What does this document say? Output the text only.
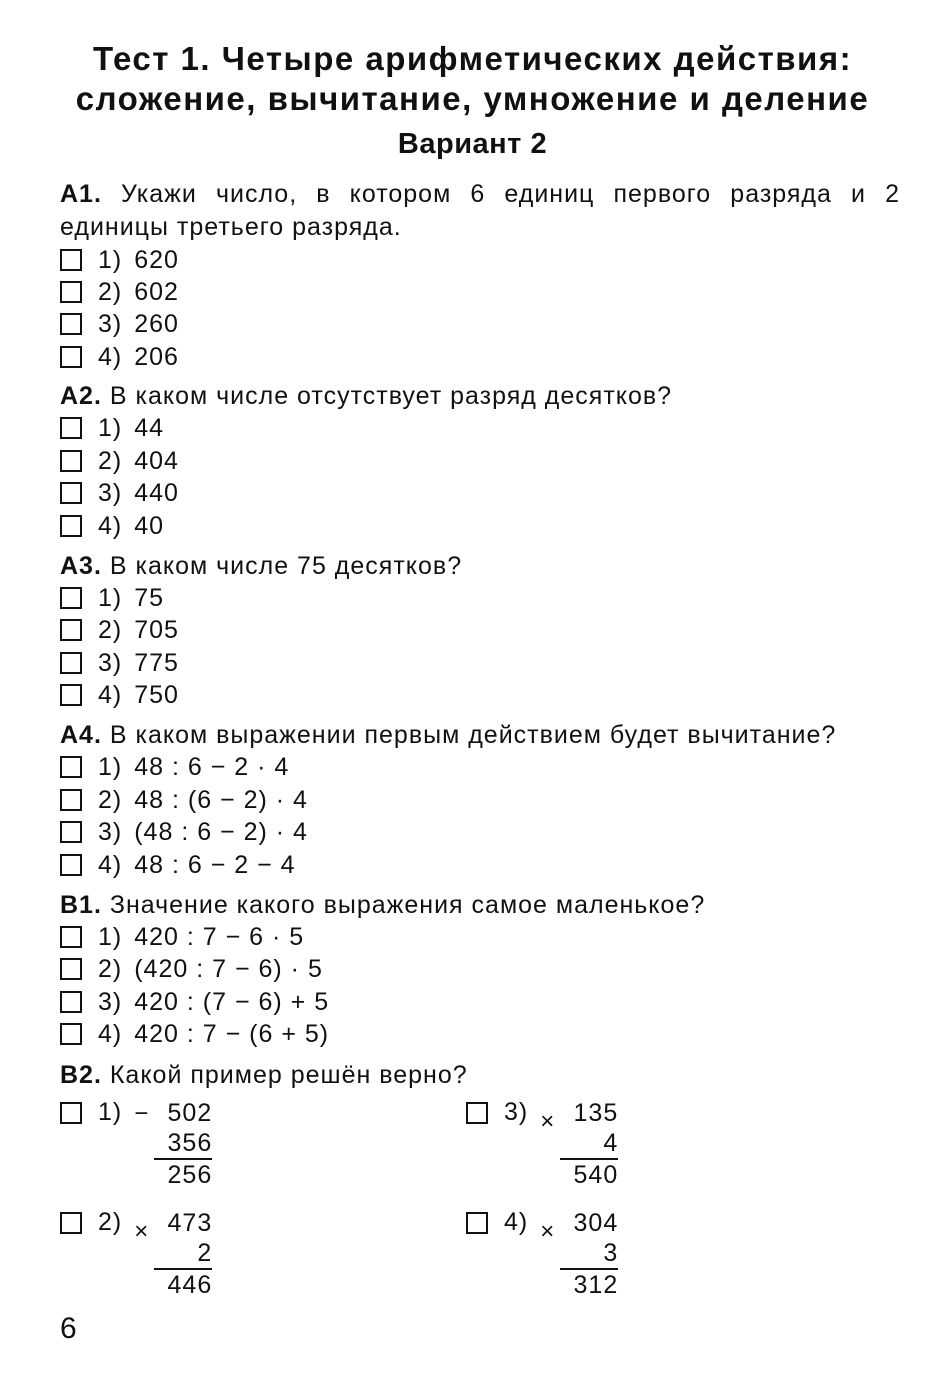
Тест 1. Четыре арифметических действия:
сложение, вычитание, умножение и деление
Вариант 2
А1. Укажи число, в котором 6 единиц первого разряда и 2 единицы третьего разряда.
1) 620
2) 602
3) 260
4) 206
А2. В каком числе отсутствует разряд десятков?
1) 44
2) 404
3) 440
4) 40
А3. В каком числе 75 десятков?
1) 75
2) 705
3) 775
4) 750
А4. В каком выражении первым действием будет вычитание?
1) 48 : 6 − 2 · 4
2) 48 : (6 − 2) · 4
3) (48 : 6 − 2) · 4
4) 48 : 6 − 2 − 4
В1. Значение какого выражения самое маленькое?
1) 420 : 7 − 6 · 5
2) (420 : 7 − 6) · 5
3) 420 : (7 − 6) + 5
4) 420 : 7 − (6 + 5)
В2. Какой пример решён верно?
1) − 502
356
256
2) × 473
2
446
3) × 135
4
540
4) × 304
3
312
6
